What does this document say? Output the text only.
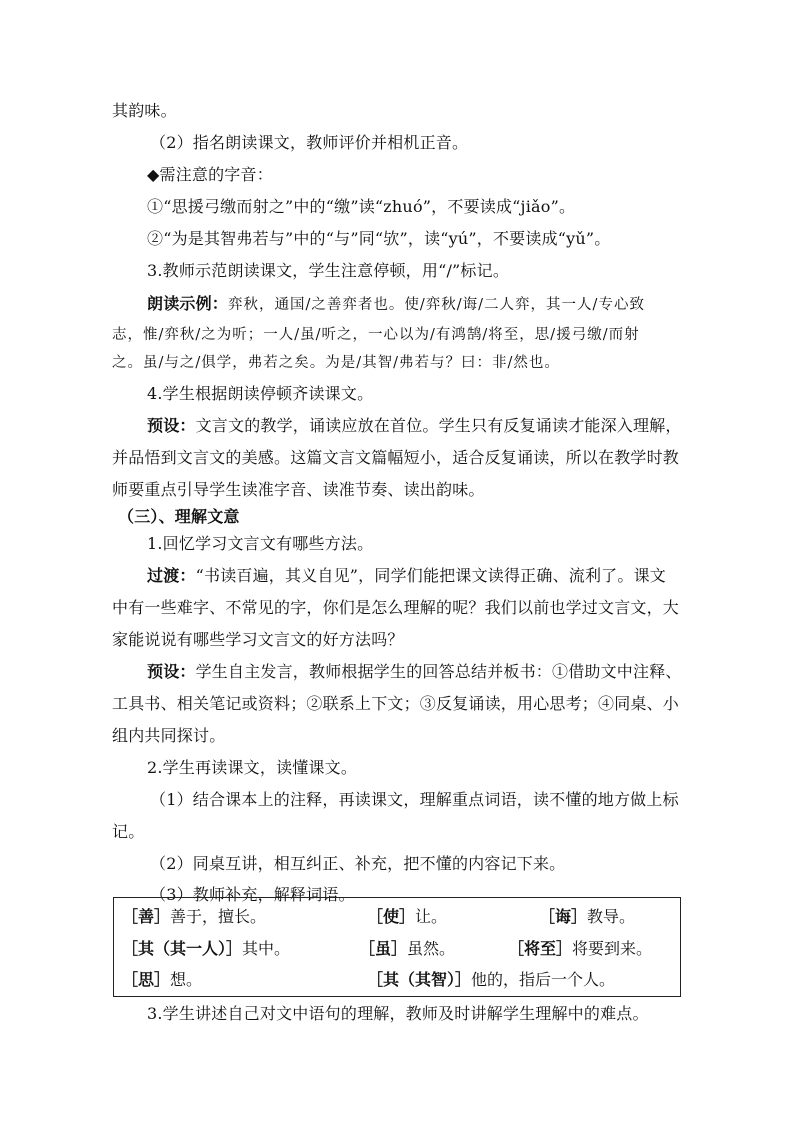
其韵味。
（2）指名朗读课文，教师评价并相机正音。
◆需注意的字音：
①“思援弓缴而射之”中的“缴”读“zhuó”，不要读成“jiǎo”。
②“为是其智弗若与”中的“与”同“欤”，读“yú”，不要读成“yǔ”。
3.教师示范朗读课文，学生注意停顿，用“/”标记。
朗读示例：弈秋，通国/之善弈者也。使/弈秋/诲/二人弈，其一人/专心致
志，惟/弈秋/之为听；一人/虽/听之，一心以为/有鸿鹄/将至，思/援弓缴/而射
之。虽/与之/俱学，弗若之矣。为是/其智/弗若与？曰：非/然也。
4.学生根据朗读停顿齐读课文。
预设：文言文的教学，诵读应放在首位。学生只有反复诵读才能深入理解，
并品悟到文言文的美感。这篇文言文篇幅短小，适合反复诵读，所以在教学时教
师要重点引导学生读准字音、读准节奏、读出韵味。
（三）、理解文意
1.回忆学习文言文有哪些方法。
过渡：“书读百遍，其义自见”，同学们能把课文读得正确、流利了。课文
中有一些难字、不常见的字，你们是怎么理解的呢？我们以前也学过文言文，大
家能说说有哪些学习文言文的好方法吗？
预设：学生自主发言，教师根据学生的回答总结并板书：①借助文中注释、
工具书、相关笔记或资料；②联系上下文；③反复诵读，用心思考；④同桌、小
组内共同探讨。
2.学生再读课文，读懂课文。
（1）结合课本上的注释，再读课文，理解重点词语，读不懂的地方做上标
记。
（2）同桌互讲，相互纠正、补充，把不懂的内容记下来。
（3）教师补充，解释词语。
［善］善于，擅长。	［使］让。	［诲］教导。
［其（其一人）］其中。	［虽］虽然。	［将至］将要到来。
［思］想。	［其（其智）］他的，指后一个人。
3.学生讲述自己对文中语句的理解，教师及时讲解学生理解中的难点。
